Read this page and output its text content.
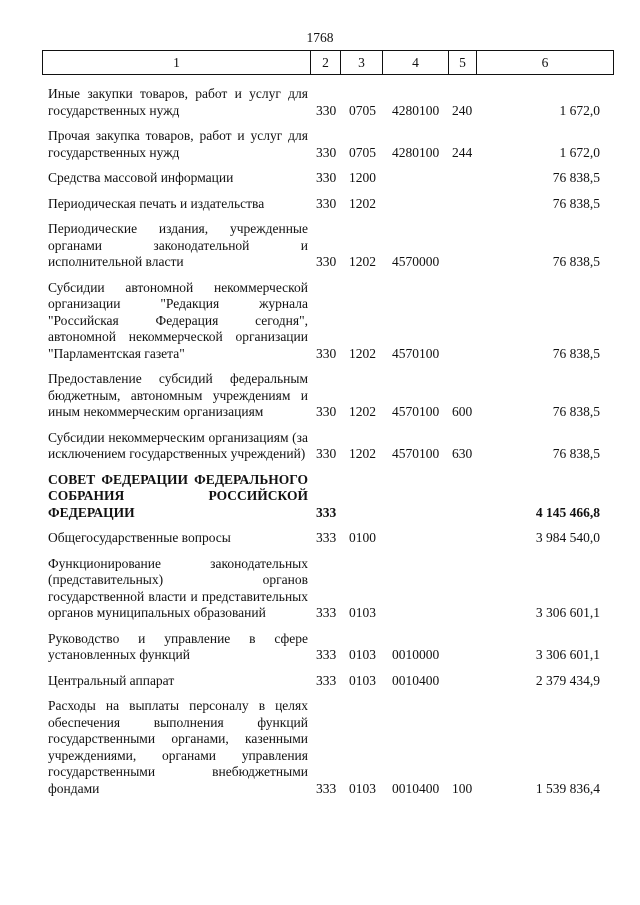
1768
1	2	3	4	5	6
Иные закупки товаров, работ и услуг для государственных нужд	330 0705 4280100 240	1 672,0
Прочая закупка товаров, работ и услуг для государственных нужд	330 0705 4280100 244	1 672,0
Средства массовой информации	330 1200	76 838,5
Периодическая печать и издательства	330 1202	76 838,5
Периодические издания, учрежденные органами законодательной и исполнительной власти	330 1202 4570000	76 838,5
Субсидии автономной некоммерческой организации "Редакция журнала "Российская Федерация сегодня", автономной некоммерческой организации "Парламентская газета"	330 1202 4570100	76 838,5
Предоставление субсидий федеральным бюджетным, автономным учреждениям и иным некоммерческим организациям	330 1202 4570100 600	76 838,5
Субсидии некоммерческим организациям (за исключением государственных учреждений) 330 1202 4570100 630	76 838,5
СОВЕТ ФЕДЕРАЦИИ ФЕДЕРАЛЬНОГО СОБРАНИЯ РОССИЙСКОЙ ФЕДЕРАЦИИ	333	4 145 466,8
Общегосударственные вопросы	333 0100	3 984 540,0
Функционирование законодательных (представительных) органов государственной власти и представительных органов муниципальных образований	333 0103	3 306 601,1
Руководство и управление в сфере установленных функций	333 0103 0010000	3 306 601,1
Центральный аппарат	333 0103 0010400	2 379 434,9
Расходы на выплаты персоналу в целях обеспечения выполнения функций государственными органами, казенными учреждениями, органами управления государственными внебюджетными фондами	333 0103 0010400 100	1 539 836,4
